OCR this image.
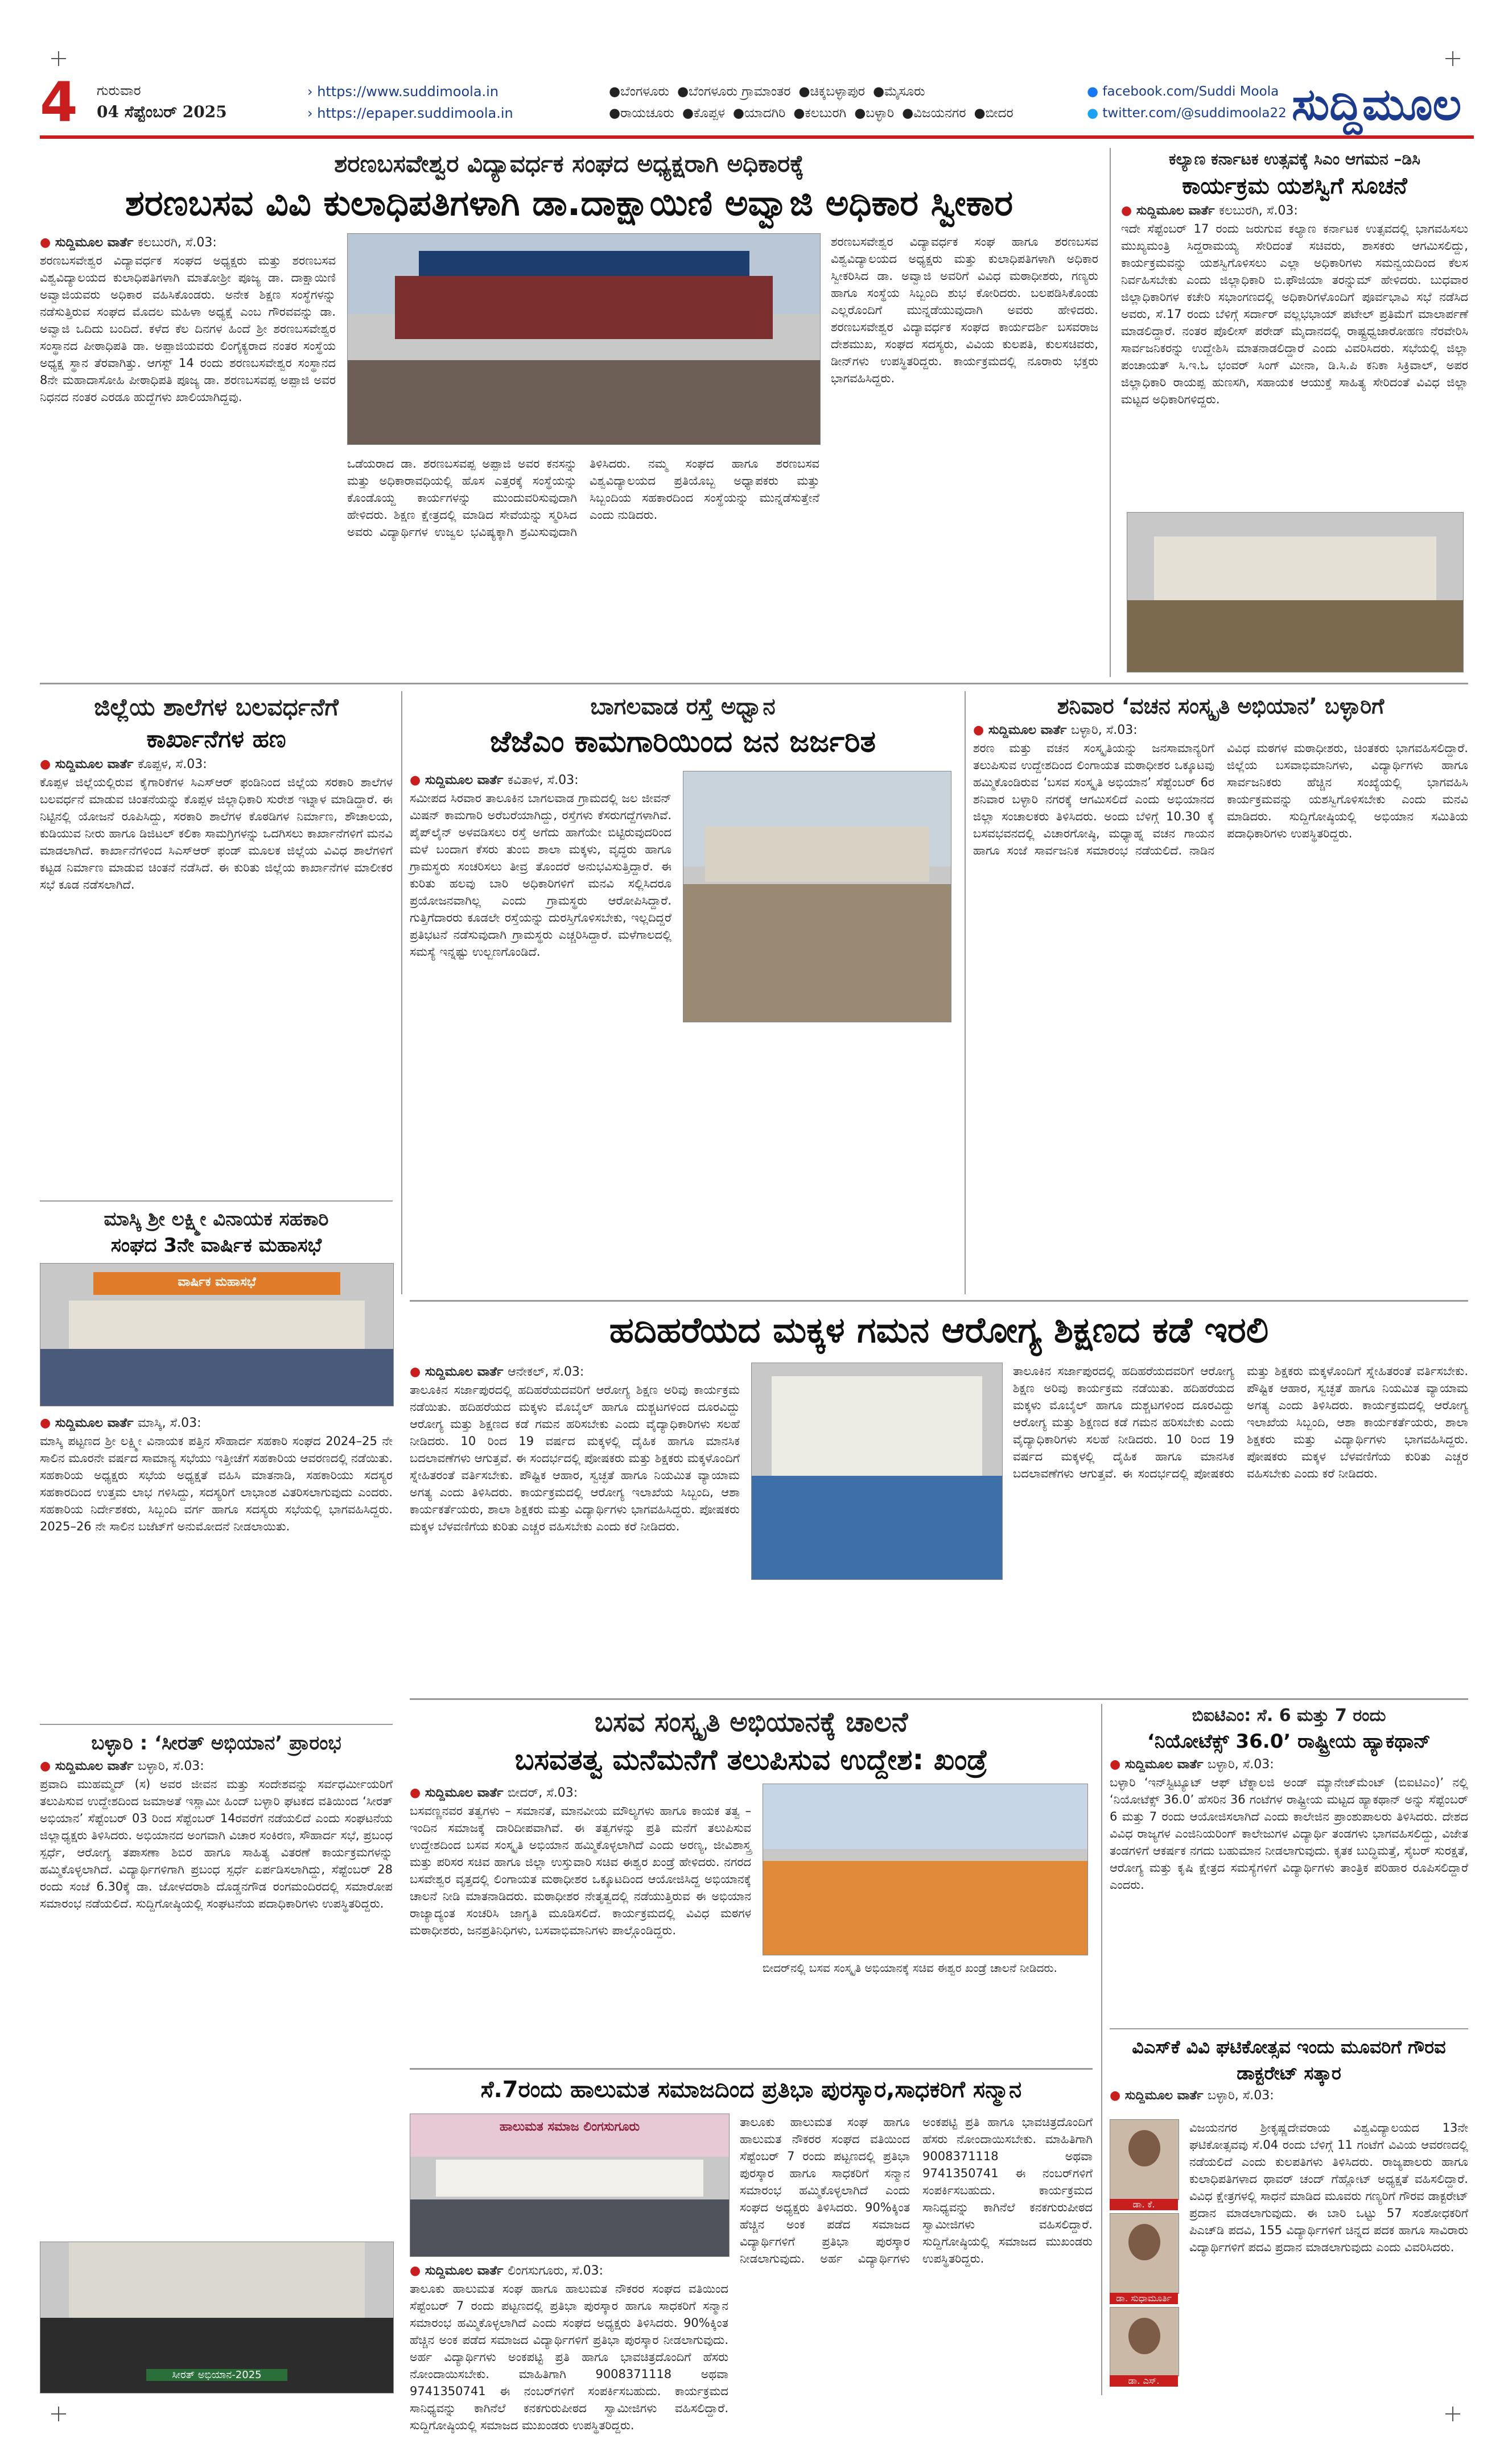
4 ಗುರುವಾರ
04 ಸೆಪ್ಟೆಂಬರ್ 2025
› https://www.suddimoola.in
› https://epaper.suddimoola.in
●ಬೆಂಗಳೂರು ●ಬೆಂಗಳೂರು ಗ್ರಾಮಾಂತರ ●ಚಿಕ್ಕಬಳ್ಳಾಪುರ ●ಮೈಸೂರು
●ರಾಯಚೂರು ●ಕೊಪ್ಪಳ ●ಯಾದಗಿರಿ ●ಕಲಬುರಗಿ ●ಬಳ್ಳಾರಿ ●ವಿಜಯನಗರ ●ಬೀದರ
● facebook.com/Suddi Moola
● twitter.com/@suddimoola22 ಸುದ್ದಿಮೂಲ
ಶರಣಬಸವೇಶ್ವರ ವಿದ್ಯಾವರ್ಧಕ ಸಂಘದ ಅಧ್ಯಕ್ಷರಾಗಿ ಅಧಿಕಾರಕ್ಕೆ
ಶರಣಬಸವ ವಿವಿ ಕುಲಾಧಿಪತಿಗಳಾಗಿ ಡಾ.ದಾಕ್ಷಾಯಿಣಿ ಅವ್ವಾಜಿ ಅಧಿಕಾರ ಸ್ವೀಕಾರ
● ಸುದ್ದಿಮೂಲ ವಾರ್ತೆ ಕಲಬುರಗಿ, ಸೆ.03:
ಶರಣಬಸವೇಶ್ವರ ವಿದ್ಯಾವರ್ಧಕ ಸಂಘದ ಅಧ್ಯಕ್ಷರು ಮತ್ತು ಶರಣಬಸವ ವಿಶ್ವವಿದ್ಯಾಲಯದ ಕುಲಾಧಿಪತಿಗಳಾಗಿ ಮಾತೋಶ್ರೀ ಪೂಜ್ಯ ಡಾ. ದಾಕ್ಷಾಯಿಣಿ ಅವ್ವಾಜಿಯವರು ಅಧಿಕಾರ ವಹಿಸಿಕೊಂಡರು. ಅನೇಕ ಶಿಕ್ಷಣ ಸಂಸ್ಥೆಗಳನ್ನು ನಡೆಸುತ್ತಿರುವ ಸಂಘದ ಮೊದಲ ಮಹಿಳಾ ಅಧ್ಯಕ್ಷೆ ಎಂಬ ಗೌರವವನ್ನು ಡಾ. ಅವ್ವಾಜಿ ಒದಿದು ಬಂದಿದೆ. ಕಳೆದ ಕೆಲ ದಿನಗಳ ಹಿಂದೆ ಶ್ರೀ ಶರಣಬಸವೇಶ್ವರ ಸಂಸ್ಥಾನದ ಪೀಠಾಧಿಪತಿ ಡಾ. ಅಪ್ಪಾಜಿಯವರು ಲಿಂಗೈಕ್ಯರಾದ ನಂತರ ಸಂಸ್ಥೆಯ ಅಧ್ಯಕ್ಷ ಸ್ಥಾನ ತೆರವಾಗಿತ್ತು. ಆಗಸ್ಟ್ 14 ರಂದು ಶರಣಬಸವೇಶ್ವರ ಸಂಸ್ಥಾನದ 8ನೇ ಮಹಾದಾಸೋಹಿ ಪೀಠಾಧಿಪತಿ ಪೂಜ್ಯ ಡಾ. ಶರಣಬಸವಪ್ಪ ಅಪ್ಪಾಜಿ ಅವರ ನಿಧನದ ನಂತರ ಎರಡೂ ಹುದ್ದೆಗಳು ಖಾಲಿಯಾಗಿದ್ದವು.
ಒಡೆಯರಾದ ಡಾ. ಶರಣಬಸವಪ್ಪ ಅಪ್ಪಾಜಿ ಅವರ ಕನಸನ್ನು ಮತ್ತು ಅಧಿಕಾರಾವಧಿಯಲ್ಲಿ ಹೊಸ ಎತ್ತರಕ್ಕೆ ಸಂಸ್ಥೆಯನ್ನು ಕೊಂಡೊಯ್ದ ಕಾರ್ಯಗಳನ್ನು ಮುಂದುವರಿಸುವುದಾಗಿ ಹೇಳಿದರು. ಶಿಕ್ಷಣ ಕ್ಷೇತ್ರದಲ್ಲಿ ಮಾಡಿದ ಸೇವೆಯನ್ನು ಸ್ಮರಿಸಿದ ಅವರು ವಿದ್ಯಾರ್ಥಿಗಳ ಉಜ್ವಲ ಭವಿಷ್ಯಕ್ಕಾಗಿ ಶ್ರಮಿಸುವುದಾಗಿ ತಿಳಿಸಿದರು. ನಮ್ಮ ಸಂಘದ ಹಾಗೂ ಶರಣಬಸವ ವಿಶ್ವವಿದ್ಯಾಲಯದ ಪ್ರತಿಯೊಬ್ಬ ಅಧ್ಯಾಪಕರು ಮತ್ತು ಸಿಬ್ಬಂದಿಯ ಸಹಕಾರದಿಂದ ಸಂಸ್ಥೆಯನ್ನು ಮುನ್ನಡೆಸುತ್ತೇನೆ ಎಂದು ನುಡಿದರು.
ಶರಣಬಸವೇಶ್ವರ ವಿದ್ಯಾವರ್ಧಕ ಸಂಘ ಹಾಗೂ ಶರಣಬಸವ ವಿಶ್ವವಿದ್ಯಾಲಯದ ಅಧ್ಯಕ್ಷರು ಮತ್ತು ಕುಲಾಧಿಪತಿಗಳಾಗಿ ಅಧಿಕಾರ ಸ್ವೀಕರಿಸಿದ ಡಾ. ಅವ್ವಾಜಿ ಅವರಿಗೆ ವಿವಿಧ ಮಠಾಧೀಶರು, ಗಣ್ಯರು ಹಾಗೂ ಸಂಸ್ಥೆಯ ಸಿಬ್ಬಂದಿ ಶುಭ ಕೋರಿದರು. ಬಲಪಡಿಸಿಕೊಂಡು ಎಲ್ಲರೊಂದಿಗೆ ಮುನ್ನಡೆಯುವುದಾಗಿ ಅವರು ಹೇಳಿದರು. ಶರಣಬಸವೇಶ್ವರ ವಿದ್ಯಾವರ್ಧಕ ಸಂಘದ ಕಾರ್ಯದರ್ಶಿ ಬಸವರಾಜ ದೇಶಮುಖ, ಸಂಘದ ಸದಸ್ಯರು, ವಿವಿಯ ಕುಲಪತಿ, ಕುಲಸಚಿವರು, ಡೀನ್‌ಗಳು ಉಪಸ್ಥಿತರಿದ್ದರು. ಕಾರ್ಯಕ್ರಮದಲ್ಲಿ ನೂರಾರು ಭಕ್ತರು ಭಾಗವಹಿಸಿದ್ದರು.
ಕಲ್ಯಾಣ ಕರ್ನಾಟಕ ಉತ್ಸವಕ್ಕೆ ಸಿಎಂ ಆಗಮನ –ಡಿಸಿ
ಕಾರ್ಯಕ್ರಮ ಯಶಸ್ವಿಗೆ ಸೂಚನೆ
● ಸುದ್ದಿಮೂಲ ವಾರ್ತೆ ಕಲಬುರಗಿ, ಸೆ.03:
ಇದೇ ಸೆಪ್ಟೆಂಬರ್ 17 ರಂದು ಜರುಗುವ ಕಲ್ಯಾಣ ಕರ್ನಾಟಕ ಉತ್ಸವದಲ್ಲಿ ಭಾಗವಹಿಸಲು ಮುಖ್ಯಮಂತ್ರಿ ಸಿದ್ದರಾಮಯ್ಯ ಸೇರಿದಂತೆ ಸಚಿವರು, ಶಾಸಕರು ಆಗಮಿಸಲಿದ್ದು, ಕಾರ್ಯಕ್ರಮವನ್ನು ಯಶಸ್ವಿಗೊಳಿಸಲು ಎಲ್ಲಾ ಅಧಿಕಾರಿಗಳು ಸಮನ್ವಯದಿಂದ ಕೆಲಸ ನಿರ್ವಹಿಸಬೇಕು ಎಂದು ಜಿಲ್ಲಾಧಿಕಾರಿ ಬಿ.ಫೌಜಿಯಾ ತರನ್ನುಮ್ ಹೇಳಿದರು. ಬುಧವಾರ ಜಿಲ್ಲಾಧಿಕಾರಿಗಳ ಕಚೇರಿ ಸಭಾಂಗಣದಲ್ಲಿ ಅಧಿಕಾರಿಗಳೊಂದಿಗೆ ಪೂರ್ವಭಾವಿ ಸಭೆ ನಡೆಸಿದ ಅವರು, ಸೆ.17 ರಂದು ಬೆಳಿಗ್ಗೆ ಸರ್ದಾರ್ ವಲ್ಲಭಭಾಯ್ ಪಟೇಲ್ ಪ್ರತಿಮೆಗೆ ಮಾಲಾರ್ಪಣೆ ಮಾಡಲಿದ್ದಾರೆ. ನಂತರ ಪೊಲೀಸ್ ಪರೇಡ್ ಮೈದಾನದಲ್ಲಿ ರಾಷ್ಟ್ರಧ್ವಜಾರೋಹಣ ನೆರವೇರಿಸಿ ಸಾರ್ವಜನಿಕರನ್ನು ಉದ್ದೇಶಿಸಿ ಮಾತನಾಡಲಿದ್ದಾರೆ ಎಂದು ವಿವರಿಸಿದರು. ಸಭೆಯಲ್ಲಿ ಜಿಲ್ಲಾ ಪಂಚಾಯತ್ ಸಿ.ಇ.ಓ ಭಂವರ್ ಸಿಂಗ್ ಮೀನಾ, ಡಿ.ಸಿ.ಪಿ ಕನಿಕಾ ಸಿಕ್ರಿವಾಲ್, ಅಪರ ಜಿಲ್ಲಾಧಿಕಾರಿ ರಾಯಪ್ಪ ಹುಣಸಗಿ, ಸಹಾಯಕ ಆಯುಕ್ತೆ ಸಾಹಿತ್ಯ ಸೇರಿದಂತೆ ವಿವಿಧ ಜಿಲ್ಲಾ ಮಟ್ಟದ ಅಧಿಕಾರಿಗಳಿದ್ದರು.
ಜಿಲ್ಲೆಯ ಶಾಲೆಗಳ ಬಲವರ್ಧನೆಗೆ
ಕಾರ್ಖಾನೆಗಳ ಹಣ
● ಸುದ್ದಿಮೂಲ ವಾರ್ತೆ ಕೊಪ್ಪಳ, ಸೆ.03:
ಕೊಪ್ಪಳ ಜಿಲ್ಲೆಯಲ್ಲಿರುವ ಕೈಗಾರಿಕೆಗಳ ಸಿಎಸ್‌ಆರ್ ಫಂಡಿನಿಂದ ಜಿಲ್ಲೆಯ ಸರಕಾರಿ ಶಾಲೆಗಳ ಬಲವರ್ಧನೆ ಮಾಡುವ ಚಿಂತನೆಯನ್ನು ಕೊಪ್ಪಳ ಜಿಲ್ಲಾಧಿಕಾರಿ ಸುರೇಶ ಇಟ್ನಾಳ ಮಾಡಿದ್ದಾರೆ. ಈ ನಿಟ್ಟಿನಲ್ಲಿ ಯೋಜನೆ ರೂಪಿಸಿದ್ದು, ಸರಕಾರಿ ಶಾಲೆಗಳ ಕೊಠಡಿಗಳ ನಿರ್ಮಾಣ, ಶೌಚಾಲಯ, ಕುಡಿಯುವ ನೀರು ಹಾಗೂ ಡಿಜಿಟಲ್ ಕಲಿಕಾ ಸಾಮಗ್ರಿಗಳನ್ನು ಒದಗಿಸಲು ಕಾರ್ಖಾನೆಗಳಿಗೆ ಮನವಿ ಮಾಡಲಾಗಿದೆ. ಕಾರ್ಖಾನೆಗಳಿಂದ ಸಿಎಸ್‌ಆರ್ ಫಂಡ್ ಮೂಲಕ ಜಿಲ್ಲೆಯ ವಿವಿಧ ಶಾಲೆಗಳಿಗೆ ಕಟ್ಟಡ ನಿರ್ಮಾಣ ಮಾಡುವ ಚಿಂತನೆ ನಡೆಸಿದೆ. ಈ ಕುರಿತು ಜಿಲ್ಲೆಯ ಕಾರ್ಖಾನೆಗಳ ಮಾಲೀಕರ ಸಭೆ ಕೂಡ ನಡೆಸಲಾಗಿದೆ.
ಬಾಗಲವಾಡ ರಸ್ತೆ ಅಧ್ವಾನ
ಜೆಜೆಎಂ ಕಾಮಗಾರಿಯಿಂದ ಜನ ಜರ್ಜರಿತ
● ಸುದ್ದಿಮೂಲ ವಾರ್ತೆ ಕವಿತಾಳ, ಸೆ.03:
ಸಮೀಪದ ಸಿರವಾರ ತಾಲೂಕಿನ ಬಾಗಲವಾಡ ಗ್ರಾಮದಲ್ಲಿ ಜಲ ಜೀವನ್ ಮಿಷನ್ ಕಾಮಗಾರಿ ಅರೆಬರೆಯಾಗಿದ್ದು, ರಸ್ತೆಗಳು ಕೆಸರುಗದ್ದೆಗಳಾಗಿವೆ. ಪೈಪ್‌ಲೈನ್ ಅಳವಡಿಸಲು ರಸ್ತೆ ಅಗೆದು ಹಾಗೆಯೇ ಬಿಟ್ಟಿರುವುದರಿಂದ ಮಳೆ ಬಂದಾಗ ಕೆಸರು ತುಂಬಿ ಶಾಲಾ ಮಕ್ಕಳು, ವೃದ್ಧರು ಹಾಗೂ ಗ್ರಾಮಸ್ಥರು ಸಂಚರಿಸಲು ತೀವ್ರ ತೊಂದರೆ ಅನುಭವಿಸುತ್ತಿದ್ದಾರೆ. ಈ ಕುರಿತು ಹಲವು ಬಾರಿ ಅಧಿಕಾರಿಗಳಿಗೆ ಮನವಿ ಸಲ್ಲಿಸಿದರೂ ಪ್ರಯೋಜನವಾಗಿಲ್ಲ ಎಂದು ಗ್ರಾಮಸ್ಥರು ಆರೋಪಿಸಿದ್ದಾರೆ. ಗುತ್ತಿಗೆದಾರರು ಕೂಡಲೇ ರಸ್ತೆಯನ್ನು ದುರಸ್ತಿಗೊಳಿಸಬೇಕು, ಇಲ್ಲದಿದ್ದರೆ ಪ್ರತಿಭಟನೆ ನಡೆಸುವುದಾಗಿ ಗ್ರಾಮಸ್ಥರು ಎಚ್ಚರಿಸಿದ್ದಾರೆ. ಮಳೆಗಾಲದಲ್ಲಿ ಸಮಸ್ಯೆ ಇನ್ನಷ್ಟು ಉಲ್ಬಣಗೊಂಡಿದೆ.
ಶನಿವಾರ ‘ವಚನ ಸಂಸ್ಕೃತಿ ಅಭಿಯಾನ’ ಬಳ್ಳಾರಿಗೆ
● ಸುದ್ದಿಮೂಲ ವಾರ್ತೆ ಬಳ್ಳಾರಿ, ಸೆ.03:
ಶರಣ ಮತ್ತು ವಚನ ಸಂಸ್ಕೃತಿಯನ್ನು ಜನಸಾಮಾನ್ಯರಿಗೆ ತಲುಪಿಸುವ ಉದ್ದೇಶದಿಂದ ಲಿಂಗಾಯತ ಮಠಾಧೀಶರ ಒಕ್ಕೂಟವು ಹಮ್ಮಿಕೊಂಡಿರುವ ‘ಬಸವ ಸಂಸ್ಕೃತಿ ಅಭಿಯಾನ’ ಸೆಪ್ಟೆಂಬರ್ 6ರ ಶನಿವಾರ ಬಳ್ಳಾರಿ ನಗರಕ್ಕೆ ಆಗಮಿಸಲಿದೆ ಎಂದು ಅಭಿಯಾನದ ಜಿಲ್ಲಾ ಸಂಚಾಲಕರು ತಿಳಿಸಿದರು. ಅಂದು ಬೆಳಿಗ್ಗೆ 10.30 ಕ್ಕೆ ಬಸವಭವನದಲ್ಲಿ ವಿಚಾರಗೋಷ್ಠಿ, ಮಧ್ಯಾಹ್ನ ವಚನ ಗಾಯನ ಹಾಗೂ ಸಂಜೆ ಸಾರ್ವಜನಿಕ ಸಮಾರಂಭ ನಡೆಯಲಿದೆ. ನಾಡಿನ ವಿವಿಧ ಮಠಗಳ ಮಠಾಧೀಶರು, ಚಿಂತಕರು ಭಾಗವಹಿಸಲಿದ್ದಾರೆ. ಜಿಲ್ಲೆಯ ಬಸವಾಭಿಮಾನಿಗಳು, ವಿದ್ಯಾರ್ಥಿಗಳು ಹಾಗೂ ಸಾರ್ವಜನಿಕರು ಹೆಚ್ಚಿನ ಸಂಖ್ಯೆಯಲ್ಲಿ ಭಾಗವಹಿಸಿ ಕಾರ್ಯಕ್ರಮವನ್ನು ಯಶಸ್ವಿಗೊಳಿಸಬೇಕು ಎಂದು ಮನವಿ ಮಾಡಿದರು. ಸುದ್ದಿಗೋಷ್ಠಿಯಲ್ಲಿ ಅಭಿಯಾನ ಸಮಿತಿಯ ಪದಾಧಿಕಾರಿಗಳು ಉಪಸ್ಥಿತರಿದ್ದರು.
ಮಾಸ್ಕಿ ಶ್ರೀ ಲಕ್ಷ್ಮೀ ವಿನಾಯಕ ಸಹಕಾರಿ
ಸಂಘದ 3ನೇ ವಾರ್ಷಿಕ ಮಹಾಸಭೆ
ವಾರ್ಷಿಕ ಮಹಾಸಭೆ
● ಸುದ್ದಿಮೂಲ ವಾರ್ತೆ ಮಾಸ್ಕಿ, ಸೆ.03:
ಮಾಸ್ಕಿ ಪಟ್ಟಣದ ಶ್ರೀ ಲಕ್ಷ್ಮೀ ವಿನಾಯಕ ಪತ್ತಿನ ಸೌಹಾರ್ದ ಸಹಕಾರಿ ಸಂಘದ 2024–25 ನೇ ಸಾಲಿನ ಮೂರನೇ ವರ್ಷದ ಸಾಮಾನ್ಯ ಸಭೆಯು ಇತ್ತೀಚೆಗೆ ಸಹಕಾರಿಯ ಆವರಣದಲ್ಲಿ ನಡೆಯಿತು. ಸಹಕಾರಿಯ ಅಧ್ಯಕ್ಷರು ಸಭೆಯ ಅಧ್ಯಕ್ಷತೆ ವಹಿಸಿ ಮಾತನಾಡಿ, ಸಹಕಾರಿಯು ಸದಸ್ಯರ ಸಹಕಾರದಿಂದ ಉತ್ತಮ ಲಾಭ ಗಳಿಸಿದ್ದು, ಸದಸ್ಯರಿಗೆ ಲಾಭಾಂಶ ವಿತರಿಸಲಾಗುವುದು ಎಂದರು. ಸಹಕಾರಿಯ ನಿರ್ದೇಶಕರು, ಸಿಬ್ಬಂದಿ ವರ್ಗ ಹಾಗೂ ಸದಸ್ಯರು ಸಭೆಯಲ್ಲಿ ಭಾಗವಹಿಸಿದ್ದರು. 2025–26 ನೇ ಸಾಲಿನ ಬಜೆಟ್‌ಗೆ ಅನುಮೋದನೆ ನೀಡಲಾಯಿತು.
ಹದಿಹರೆಯದ ಮಕ್ಕಳ ಗಮನ ಆರೋಗ್ಯ ಶಿಕ್ಷಣದ ಕಡೆ ಇರಲಿ
● ಸುದ್ದಿಮೂಲ ವಾರ್ತೆ ಆನೇಕಲ್, ಸೆ.03:
ತಾಲೂಕಿನ ಸರ್ಜಾಪುರದಲ್ಲಿ ಹದಿಹರೆಯದವರಿಗೆ ಆರೋಗ್ಯ ಶಿಕ್ಷಣ ಅರಿವು ಕಾರ್ಯಕ್ರಮ ನಡೆಯಿತು. ಹದಿಹರೆಯದ ಮಕ್ಕಳು ಮೊಬೈಲ್ ಹಾಗೂ ದುಶ್ಚಟಗಳಿಂದ ದೂರವಿದ್ದು ಆರೋಗ್ಯ ಮತ್ತು ಶಿಕ್ಷಣದ ಕಡೆ ಗಮನ ಹರಿಸಬೇಕು ಎಂದು ವೈದ್ಯಾಧಿಕಾರಿಗಳು ಸಲಹೆ ನೀಡಿದರು. 10 ರಿಂದ 19 ವರ್ಷದ ಮಕ್ಕಳಲ್ಲಿ ದೈಹಿಕ ಹಾಗೂ ಮಾನಸಿಕ ಬದಲಾವಣೆಗಳು ಆಗುತ್ತವೆ. ಈ ಸಂದರ್ಭದಲ್ಲಿ ಪೋಷಕರು ಮತ್ತು ಶಿಕ್ಷಕರು ಮಕ್ಕಳೊಂದಿಗೆ ಸ್ನೇಹಿತರಂತೆ ವರ್ತಿಸಬೇಕು. ಪೌಷ್ಟಿಕ ಆಹಾರ, ಸ್ವಚ್ಛತೆ ಹಾಗೂ ನಿಯಮಿತ ವ್ಯಾಯಾಮ ಅಗತ್ಯ ಎಂದು ತಿಳಿಸಿದರು. ಕಾರ್ಯಕ್ರಮದಲ್ಲಿ ಆರೋಗ್ಯ ಇಲಾಖೆಯ ಸಿಬ್ಬಂದಿ, ಆಶಾ ಕಾರ್ಯಕರ್ತೆಯರು, ಶಾಲಾ ಶಿಕ್ಷಕರು ಮತ್ತು ವಿದ್ಯಾರ್ಥಿಗಳು ಭಾಗವಹಿಸಿದ್ದರು. ಪೋಷಕರು ಮಕ್ಕಳ ಬೆಳವಣಿಗೆಯ ಕುರಿತು ಎಚ್ಚರ ವಹಿಸಬೇಕು ಎಂದು ಕರೆ ನೀಡಿದರು.
ತಾಲೂಕಿನ ಸರ್ಜಾಪುರದಲ್ಲಿ ಹದಿಹರೆಯದವರಿಗೆ ಆರೋಗ್ಯ ಶಿಕ್ಷಣ ಅರಿವು ಕಾರ್ಯಕ್ರಮ ನಡೆಯಿತು. ಹದಿಹರೆಯದ ಮಕ್ಕಳು ಮೊಬೈಲ್ ಹಾಗೂ ದುಶ್ಚಟಗಳಿಂದ ದೂರವಿದ್ದು ಆರೋಗ್ಯ ಮತ್ತು ಶಿಕ್ಷಣದ ಕಡೆ ಗಮನ ಹರಿಸಬೇಕು ಎಂದು ವೈದ್ಯಾಧಿಕಾರಿಗಳು ಸಲಹೆ ನೀಡಿದರು. 10 ರಿಂದ 19 ವರ್ಷದ ಮಕ್ಕಳಲ್ಲಿ ದೈಹಿಕ ಹಾಗೂ ಮಾನಸಿಕ ಬದಲಾವಣೆಗಳು ಆಗುತ್ತವೆ. ಈ ಸಂದರ್ಭದಲ್ಲಿ ಪೋಷಕರು ಮತ್ತು ಶಿಕ್ಷಕರು ಮಕ್ಕಳೊಂದಿಗೆ ಸ್ನೇಹಿತರಂತೆ ವರ್ತಿಸಬೇಕು. ಪೌಷ್ಟಿಕ ಆಹಾರ, ಸ್ವಚ್ಛತೆ ಹಾಗೂ ನಿಯಮಿತ ವ್ಯಾಯಾಮ ಅಗತ್ಯ ಎಂದು ತಿಳಿಸಿದರು. ಕಾರ್ಯಕ್ರಮದಲ್ಲಿ ಆರೋಗ್ಯ ಇಲಾಖೆಯ ಸಿಬ್ಬಂದಿ, ಆಶಾ ಕಾರ್ಯಕರ್ತೆಯರು, ಶಾಲಾ ಶಿಕ್ಷಕರು ಮತ್ತು ವಿದ್ಯಾರ್ಥಿಗಳು ಭಾಗವಹಿಸಿದ್ದರು. ಪೋಷಕರು ಮಕ್ಕಳ ಬೆಳವಣಿಗೆಯ ಕುರಿತು ಎಚ್ಚರ ವಹಿಸಬೇಕು ಎಂದು ಕರೆ ನೀಡಿದರು.
ಬಳ್ಳಾರಿ : ‘ಸೀರತ್ ಅಭಿಯಾನ’ ಪ್ರಾರಂಭ
● ಸುದ್ದಿಮೂಲ ವಾರ್ತೆ ಬಳ್ಳಾರಿ, ಸೆ.03:
ಪ್ರವಾದಿ ಮುಹಮ್ಮದ್ (ಸ) ಅವರ ಜೀವನ ಮತ್ತು ಸಂದೇಶವನ್ನು ಸರ್ವಧರ್ಮೀಯರಿಗೆ ತಲುಪಿಸುವ ಉದ್ದೇಶದಿಂದ ಜಮಾಅತೆ ಇಸ್ಲಾಮೀ ಹಿಂದ್ ಬಳ್ಳಾರಿ ಘಟಕದ ವತಿಯಿಂದ ‘ಸೀರತ್ ಅಭಿಯಾನ’ ಸೆಪ್ಟೆಂಬರ್ 03 ರಿಂದ ಸೆಪ್ಟೆಂಬರ್ 14ರವರೆಗೆ ನಡೆಯಲಿದೆ ಎಂದು ಸಂಘಟನೆಯ ಜಿಲ್ಲಾಧ್ಯಕ್ಷರು ತಿಳಿಸಿದರು. ಅಭಿಯಾನದ ಅಂಗವಾಗಿ ವಿಚಾರ ಸಂಕಿರಣ, ಸೌಹಾರ್ದ ಸಭೆ, ಪ್ರಬಂಧ ಸ್ಪರ್ಧೆ, ಆರೋಗ್ಯ ತಪಾಸಣಾ ಶಿಬಿರ ಹಾಗೂ ಸಾಹಿತ್ಯ ವಿತರಣೆ ಕಾರ್ಯಕ್ರಮಗಳನ್ನು ಹಮ್ಮಿಕೊಳ್ಳಲಾಗಿದೆ. ವಿದ್ಯಾರ್ಥಿಗಳಿಗಾಗಿ ಪ್ರಬಂಧ ಸ್ಪರ್ಧೆ ಏರ್ಪಡಿಸಲಾಗಿದ್ದು, ಸೆಪ್ಟೆಂಬರ್ 28 ರಂದು ಸಂಜೆ 6.30ಕ್ಕೆ ಡಾ. ಜೋಳದರಾಶಿ ದೊಡ್ಡನಗೌಡ ರಂಗಮಂದಿರದಲ್ಲಿ ಸಮಾರೋಪ ಸಮಾರಂಭ ನಡೆಯಲಿದೆ. ಸುದ್ದಿಗೋಷ್ಠಿಯಲ್ಲಿ ಸಂಘಟನೆಯ ಪದಾಧಿಕಾರಿಗಳು ಉಪಸ್ಥಿತರಿದ್ದರು.
ಸೀರತ್ ಅಭಿಯಾನ-2025
ಬಸವ ಸಂಸ್ಕೃತಿ ಅಭಿಯಾನಕ್ಕೆ ಚಾಲನೆ
ಬಸವತತ್ವ ಮನೆಮನೆಗೆ ತಲುಪಿಸುವ ಉದ್ದೇಶ: ಖಂಡ್ರೆ
● ಸುದ್ದಿಮೂಲ ವಾರ್ತೆ ಬೀದರ್, ಸೆ.03:
ಬಸವಣ್ಣನವರ ತತ್ವಗಳು – ಸಮಾನತೆ, ಮಾನವೀಯ ಮೌಲ್ಯಗಳು ಹಾಗೂ ಕಾಯಕ ತತ್ವ – ಇಂದಿನ ಸಮಾಜಕ್ಕೆ ದಾರಿದೀಪವಾಗಿವೆ. ಈ ತತ್ವಗಳನ್ನು ಪ್ರತಿ ಮನೆಗೆ ತಲುಪಿಸುವ ಉದ್ದೇಶದಿಂದ ಬಸವ ಸಂಸ್ಕೃತಿ ಅಭಿಯಾನ ಹಮ್ಮಿಕೊಳ್ಳಲಾಗಿದೆ ಎಂದು ಅರಣ್ಯ, ಜೀವಿಶಾಸ್ತ್ರ ಮತ್ತು ಪರಿಸರ ಸಚಿವ ಹಾಗೂ ಜಿಲ್ಲಾ ಉಸ್ತುವಾರಿ ಸಚಿವ ಈಶ್ವರ ಖಂಡ್ರೆ ಹೇಳಿದರು. ನಗರದ ಬಸವೇಶ್ವರ ವೃತ್ತದಲ್ಲಿ ಲಿಂಗಾಯತ ಮಠಾಧೀಶರ ಒಕ್ಕೂಟದಿಂದ ಆಯೋಜಿಸಿದ್ದ ಅಭಿಯಾನಕ್ಕೆ ಚಾಲನೆ ನೀಡಿ ಮಾತನಾಡಿದರು. ಮಠಾಧೀಶರ ನೇತೃತ್ವದಲ್ಲಿ ನಡೆಯುತ್ತಿರುವ ಈ ಅಭಿಯಾನ ರಾಜ್ಯಾದ್ಯಂತ ಸಂಚರಿಸಿ ಜಾಗೃತಿ ಮೂಡಿಸಲಿದೆ. ಕಾರ್ಯಕ್ರಮದಲ್ಲಿ ವಿವಿಧ ಮಠಗಳ ಮಠಾಧೀಶರು, ಜನಪ್ರತಿನಿಧಿಗಳು, ಬಸವಾಭಿಮಾನಿಗಳು ಪಾಲ್ಗೊಂಡಿದ್ದರು.
ಬೀದರ್‌ನಲ್ಲಿ ಬಸವ ಸಂಸ್ಕೃತಿ ಅಭಿಯಾನಕ್ಕೆ ಸಚಿವ ಈಶ್ವರ ಖಂಡ್ರೆ ಚಾಲನೆ ನೀಡಿದರು.
ಬಿಐಟಿಎಂ: ಸೆ. 6 ಮತ್ತು 7 ರಂದು
‘ನಿಯೋಟೆಕ್ಸ್ 36.0’ ರಾಷ್ಟ್ರೀಯ ಹ್ಯಾಕಥಾನ್
● ಸುದ್ದಿಮೂಲ ವಾರ್ತೆ ಬಳ್ಳಾರಿ, ಸೆ.03:
ಬಳ್ಳಾರಿ ‘ಇನ್‌ಸ್ಟಿಟ್ಯೂಟ್ ಆಫ್ ಟೆಕ್ನಾಲಜಿ ಅಂಡ್ ಮ್ಯಾನೇಜ್‌ಮೆಂಟ್ (ಬಿಐಟಿಎಂ)’ ನಲ್ಲಿ ‘ನಿಯೋಟೆಕ್ಸ್ 36.0’ ಹೆಸರಿನ 36 ಗಂಟೆಗಳ ರಾಷ್ಟ್ರೀಯ ಮಟ್ಟದ ಹ್ಯಾಕಥಾನ್ ಅನ್ನು ಸೆಪ್ಟೆಂಬರ್ 6 ಮತ್ತು 7 ರಂದು ಆಯೋಜಿಸಲಾಗಿದೆ ಎಂದು ಕಾಲೇಜಿನ ಪ್ರಾಂಶುಪಾಲರು ತಿಳಿಸಿದರು. ದೇಶದ ವಿವಿಧ ರಾಜ್ಯಗಳ ಎಂಜಿನಿಯರಿಂಗ್ ಕಾಲೇಜುಗಳ ವಿದ್ಯಾರ್ಥಿ ತಂಡಗಳು ಭಾಗವಹಿಸಲಿದ್ದು, ವಿಜೇತ ತಂಡಗಳಿಗೆ ಆಕರ್ಷಕ ನಗದು ಬಹುಮಾನ ನೀಡಲಾಗುವುದು. ಕೃತಕ ಬುದ್ಧಿಮತ್ತೆ, ಸೈಬರ್ ಸುರಕ್ಷತೆ, ಆರೋಗ್ಯ ಮತ್ತು ಕೃಷಿ ಕ್ಷೇತ್ರದ ಸಮಸ್ಯೆಗಳಿಗೆ ವಿದ್ಯಾರ್ಥಿಗಳು ತಾಂತ್ರಿಕ ಪರಿಹಾರ ರೂಪಿಸಲಿದ್ದಾರೆ ಎಂದರು.
ವಿಎಸ್‌ಕೆ ವಿವಿ ಘಟಿಕೋತ್ಸವ ಇಂದು ಮೂವರಿಗೆ ಗೌರವ ಡಾಕ್ಟರೇಟ್ ಸತ್ಕಾರ
● ಸುದ್ದಿಮೂಲ ವಾರ್ತೆ ಬಳ್ಳಾರಿ, ಸೆ.03:
ಡಾ. ಕೆ.
ಡಾ. ಸುಧಾಮೂರ್ತಿ
ಡಾ. ಎಸ್.
ವಿಜಯನಗರ ಶ್ರೀಕೃಷ್ಣದೇವರಾಯ ವಿಶ್ವವಿದ್ಯಾಲಯದ 13ನೇ ಘಟಿಕೋತ್ಸವವು ಸೆ.04 ರಂದು ಬೆಳಿಗ್ಗೆ 11 ಗಂಟೆಗೆ ವಿವಿಯ ಆವರಣದಲ್ಲಿ ನಡೆಯಲಿದೆ ಎಂದು ಕುಲಪತಿಗಳು ತಿಳಿಸಿದರು. ರಾಜ್ಯಪಾಲರು ಹಾಗೂ ಕುಲಾಧಿಪತಿಗಳಾದ ಥಾವರ್ ಚಂದ್ ಗೆಹ್ಲೋಟ್ ಅಧ್ಯಕ್ಷತೆ ವಹಿಸಲಿದ್ದಾರೆ. ವಿವಿಧ ಕ್ಷೇತ್ರಗಳಲ್ಲಿ ಸಾಧನೆ ಮಾಡಿದ ಮೂವರು ಗಣ್ಯರಿಗೆ ಗೌರವ ಡಾಕ್ಟರೇಟ್ ಪ್ರದಾನ ಮಾಡಲಾಗುವುದು. ಈ ಬಾರಿ ಒಟ್ಟು 57 ಸಂಶೋಧಕರಿಗೆ ಪಿಎಚ್‌ಡಿ ಪದವಿ, 155 ವಿದ್ಯಾರ್ಥಿಗಳಿಗೆ ಚಿನ್ನದ ಪದಕ ಹಾಗೂ ಸಾವಿರಾರು ವಿದ್ಯಾರ್ಥಿಗಳಿಗೆ ಪದವಿ ಪ್ರದಾನ ಮಾಡಲಾಗುವುದು ಎಂದು ವಿವರಿಸಿದರು.
ಸೆ.7ರಂದು ಹಾಲುಮತ ಸಮಾಜದಿಂದ ಪ್ರತಿಭಾ ಪುರಸ್ಕಾರ,ಸಾಧಕರಿಗೆ ಸನ್ಮಾನ
ಹಾಲುಮತ ಸಮಾಜ ಲಿಂಗಸುಗೂರು
● ಸುದ್ದಿಮೂಲ ವಾರ್ತೆ ಲಿಂಗಸುಗೂರು, ಸೆ.03:
ತಾಲೂಕು ಹಾಲುಮತ ಸಂಘ ಹಾಗೂ ಹಾಲುಮತ ನೌಕರರ ಸಂಘದ ವತಿಯಿಂದ ಸೆಪ್ಟೆಂಬರ್ 7 ರಂದು ಪಟ್ಟಣದಲ್ಲಿ ಪ್ರತಿಭಾ ಪುರಸ್ಕಾರ ಹಾಗೂ ಸಾಧಕರಿಗೆ ಸನ್ಮಾನ ಸಮಾರಂಭ ಹಮ್ಮಿಕೊಳ್ಳಲಾಗಿದೆ ಎಂದು ಸಂಘದ ಅಧ್ಯಕ್ಷರು ತಿಳಿಸಿದರು. 90%ಕ್ಕಿಂತ ಹೆಚ್ಚಿನ ಅಂಕ ಪಡೆದ ಸಮಾಜದ ವಿದ್ಯಾರ್ಥಿಗಳಿಗೆ ಪ್ರತಿಭಾ ಪುರಸ್ಕಾರ ನೀಡಲಾಗುವುದು. ಅರ್ಹ ವಿದ್ಯಾರ್ಥಿಗಳು ಅಂಕಪಟ್ಟಿ ಪ್ರತಿ ಹಾಗೂ ಭಾವಚಿತ್ರದೊಂದಿಗೆ ಹೆಸರು ನೋಂದಾಯಿಸಬೇಕು. ಮಾಹಿತಿಗಾಗಿ 9008371118 ಅಥವಾ 9741350741 ಈ ನಂಬರ್‌ಗಳಿಗೆ ಸಂಪರ್ಕಿಸಬಹುದು. ಕಾರ್ಯಕ್ರಮದ ಸಾನಿಧ್ಯವನ್ನು ಕಾಗಿನೆಲೆ ಕನಕಗುರುಪೀಠದ ಸ್ವಾಮೀಜಿಗಳು ವಹಿಸಲಿದ್ದಾರೆ. ಸುದ್ದಿಗೋಷ್ಠಿಯಲ್ಲಿ ಸಮಾಜದ ಮುಖಂಡರು ಉಪಸ್ಥಿತರಿದ್ದರು.
ತಾಲೂಕು ಹಾಲುಮತ ಸಂಘ ಹಾಗೂ ಹಾಲುಮತ ನೌಕರರ ಸಂಘದ ವತಿಯಿಂದ ಸೆಪ್ಟೆಂಬರ್ 7 ರಂದು ಪಟ್ಟಣದಲ್ಲಿ ಪ್ರತಿಭಾ ಪುರಸ್ಕಾರ ಹಾಗೂ ಸಾಧಕರಿಗೆ ಸನ್ಮಾನ ಸಮಾರಂಭ ಹಮ್ಮಿಕೊಳ್ಳಲಾಗಿದೆ ಎಂದು ಸಂಘದ ಅಧ್ಯಕ್ಷರು ತಿಳಿಸಿದರು. 90%ಕ್ಕಿಂತ ಹೆಚ್ಚಿನ ಅಂಕ ಪಡೆದ ಸಮಾಜದ ವಿದ್ಯಾರ್ಥಿಗಳಿಗೆ ಪ್ರತಿಭಾ ಪುರಸ್ಕಾರ ನೀಡಲಾಗುವುದು. ಅರ್ಹ ವಿದ್ಯಾರ್ಥಿಗಳು ಅಂಕಪಟ್ಟಿ ಪ್ರತಿ ಹಾಗೂ ಭಾವಚಿತ್ರದೊಂದಿಗೆ ಹೆಸರು ನೋಂದಾಯಿಸಬೇಕು. ಮಾಹಿತಿಗಾಗಿ 9008371118 ಅಥವಾ 9741350741 ಈ ನಂಬರ್‌ಗಳಿಗೆ ಸಂಪರ್ಕಿಸಬಹುದು. ಕಾರ್ಯಕ್ರಮದ ಸಾನಿಧ್ಯವನ್ನು ಕಾಗಿನೆಲೆ ಕನಕಗುರುಪೀಠದ ಸ್ವಾಮೀಜಿಗಳು ವಹಿಸಲಿದ್ದಾರೆ. ಸುದ್ದಿಗೋಷ್ಠಿಯಲ್ಲಿ ಸಮಾಜದ ಮುಖಂಡರು ಉಪಸ್ಥಿತರಿದ್ದರು.
